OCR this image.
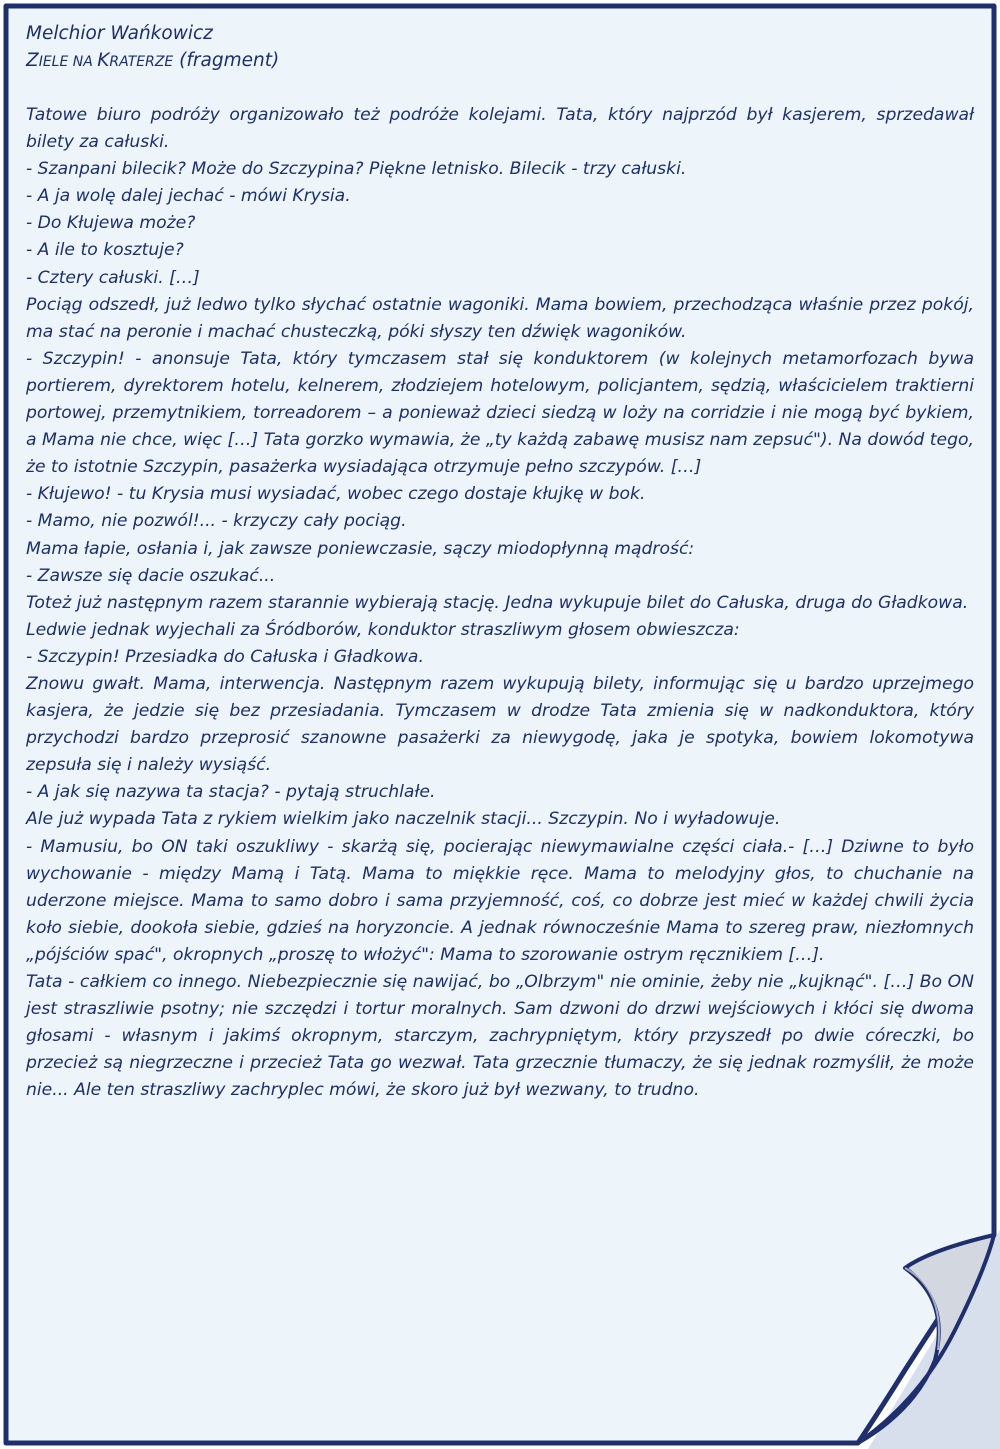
Melchior Wańkowicz
ZIELE NA KRATERZE (fragment)

Tatowe biuro podróży organizowało też podróże kolejami. Tata, który najprzód był kasjerem, sprzedawał bilety za całuski.

- Szanpani bilecik? Może do Szczypina? Piękne letnisko. Bilecik - trzy całuski.

- A ja wolę dalej jechać - mówi Krysia.

- Do Kłujewa może?

- A ile to kosztuje?

- Cztery całuski. […]

Pociąg odszedł, już ledwo tylko słychać ostatnie wagoniki. Mama bowiem, przechodząca właśnie przez pokój, ma stać na peronie i machać chusteczką, póki słyszy ten dźwięk wagoników.

- Szczypin! - anonsuje Tata, który tymczasem stał się konduktorem (w kolejnych metamorfozach bywa portierem, dyrektorem hotelu, kelnerem, złodziejem hotelowym, policjantem, sędzią, właścicielem traktierni portowej, przemytnikiem, torreadorem – a ponieważ dzieci siedzą w loży na corridzie i nie mogą być bykiem, a Mama nie chce, więc […] Tata gorzko wymawia, że „ty każdą zabawę musisz nam zepsuć"). Na dowód tego, że to istotnie Szczypin, pasażerka wysiadająca otrzymuje pełno szczypów. […]

- Kłujewo! - tu Krysia musi wysiadać, wobec czego dostaje kłujkę w bok.

- Mamo, nie pozwól!... - krzyczy cały pociąg.

Mama łapie, osłania i, jak zawsze poniewczasie, sączy miodopłynną mądrość:

- Zawsze się dacie oszukać...

Toteż już następnym razem starannie wybierają stację. Jedna wykupuje bilet do Całuska, druga do Gładkowa.

Ledwie jednak wyjechali za Śródborów, konduktor straszliwym głosem obwieszcza:

- Szczypin! Przesiadka do Całuska i Gładkowa.

Znowu gwałt. Mama, interwencja. Następnym razem wykupują bilety, informując się u bardzo uprzejmego kasjera, że jedzie się bez przesiadania. Tymczasem w drodze Tata zmienia się w nadkonduktora, który przychodzi bardzo przeprosić szanowne pasażerki za niewygodę, jaka je spotyka, bowiem lokomotywa zepsuła się i należy wysiąść.

- A jak się nazywa ta stacja? - pytają struchlałe.

Ale już wypada Tata z rykiem wielkim jako naczelnik stacji... Szczypin. No i wyładowuje.

- Mamusiu, bo ON taki oszukliwy - skarżą się, pocierając niewymawialne części ciała.- […] Dziwne to było wychowanie - między Mamą i Tatą. Mama to miękkie ręce. Mama to melodyjny głos, to chuchanie na uderzone miejsce. Mama to samo dobro i sama przyjemność, coś, co dobrze jest mieć w każdej chwili życia koło siebie, dookoła siebie, gdzieś na horyzoncie. A jednak równocześnie Mama to szereg praw, niezłomnych „pójściów spać", okropnych „proszę to włożyć": Mama to szorowanie ostrym ręcznikiem […].

Tata - całkiem co innego. Niebezpiecznie się nawijać, bo „Olbrzym" nie ominie, żeby nie „kujknąć". […] Bo ON jest straszliwie psotny; nie szczędzi i tortur moralnych. Sam dzwoni do drzwi wejściowych i kłóci się dwoma głosami - własnym i jakimś okropnym, starczym, zachrypniętym, który przyszedł po dwie córeczki, bo przecież są niegrzeczne i przecież Tata go wezwał. Tata grzecznie tłumaczy, że się jednak rozmyślił, że może nie... Ale ten straszliwy zachryplec mówi, że skoro już był wezwany, to trudno.
